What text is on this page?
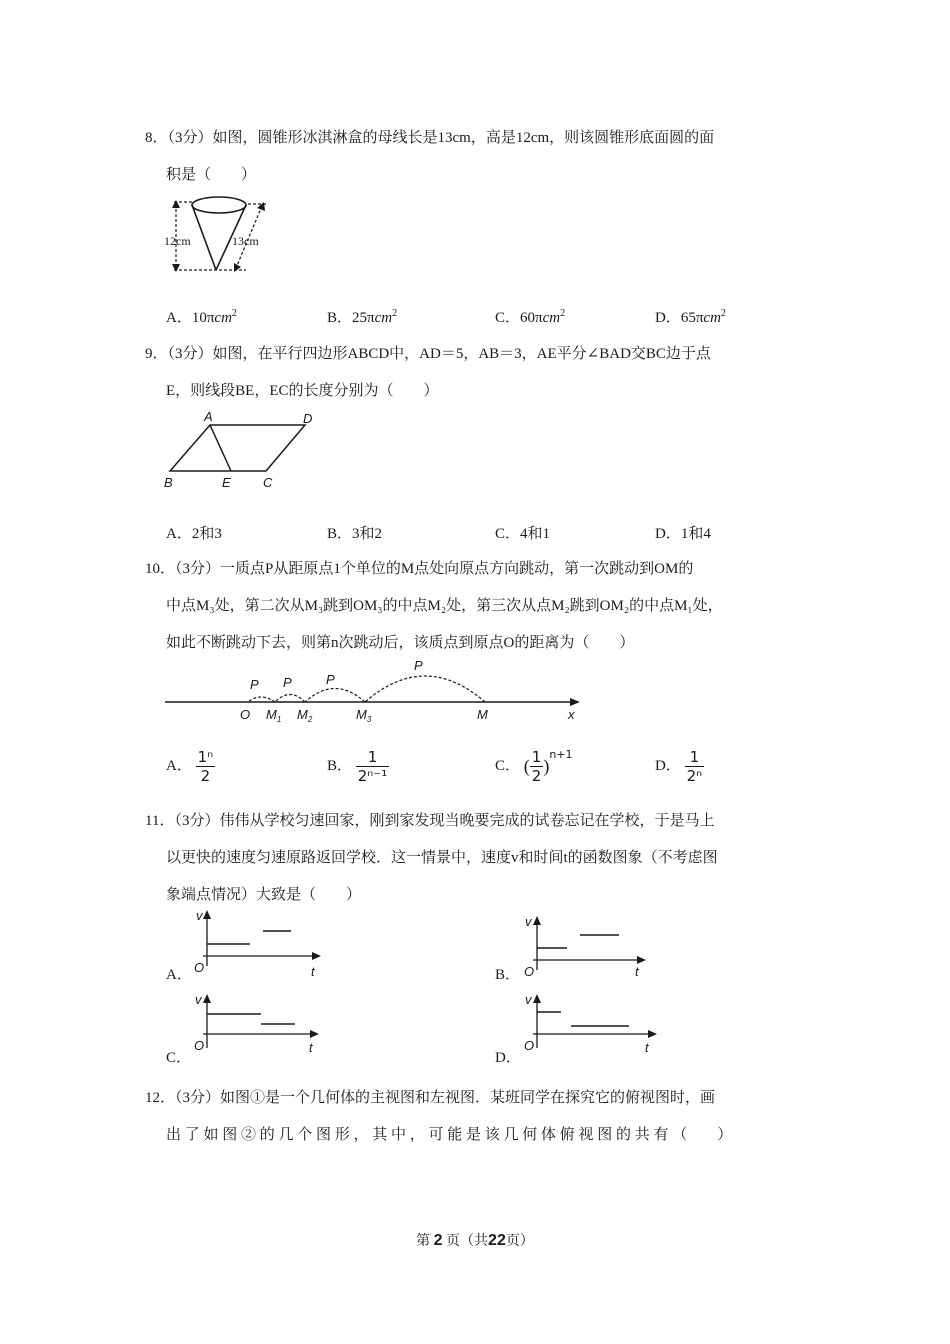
8．（3分）如图，圆锥形冰淇淋盒的母线长是13cm，高是12cm，则该圆锥形底面圆的面
积是（　　）
12cm	13cm
A．10πcm$^2$	B．25πcm$^2$	C．60πcm$^2$	D．65πcm$^2$
9．（3分）如图，在平行四边形ABCD中，AD＝5，AB＝3，AE平分∠BAD交BC边于点
E，则线段BE，EC的长度分别为（　　）
A	D
B	E C
A．2和3	B．3和2	C．4和1	D．1和4
10．（3分）一质点P从距原点1个单位的M点处向原点方向跳动，第一次跳动到OM的
中点M₃处，第二次从M₃跳到OM₃的中点M₂处，第三次从点M₂跳到OM₂的中点M₁处，
如此不断跳动下去，则第n次跳动后，该质点到原点O的距离为（　　）
P
P
P
P
O $M_1$ $M_2$	$M_3$	M	x
A． $\frac{\text{1ⁿ}}{2}$	B． $\frac{1}{\text{2ⁿ⁻¹}}$	C． ( $\frac{1}{2} )^{n+1}$
D． $\frac{1}{\text{2ⁿ}}$
11．（3分）伟伟从学校匀速回家，刚到家发现当晚要完成的试卷忘记在学校，于是马上
以更快的速度匀速原路返回学校．这一情景中，速度v和时间t的函数图象（不考虑图
象端点情况）大致是（　　）
A．
v
O	t	B．
v
O	t
C．
v
O	t
D．
v
O	t
12．（3分）如图①是一个几何体的主视图和左视图．某班同学在探究它的俯视图时，画
出 了 如 图 ② 的 几 个 图 形 ， 其 中 ， 可 能 是 该 几 何 体 俯 视 图 的 共 有 （　　）
第 2 页（共22页）
